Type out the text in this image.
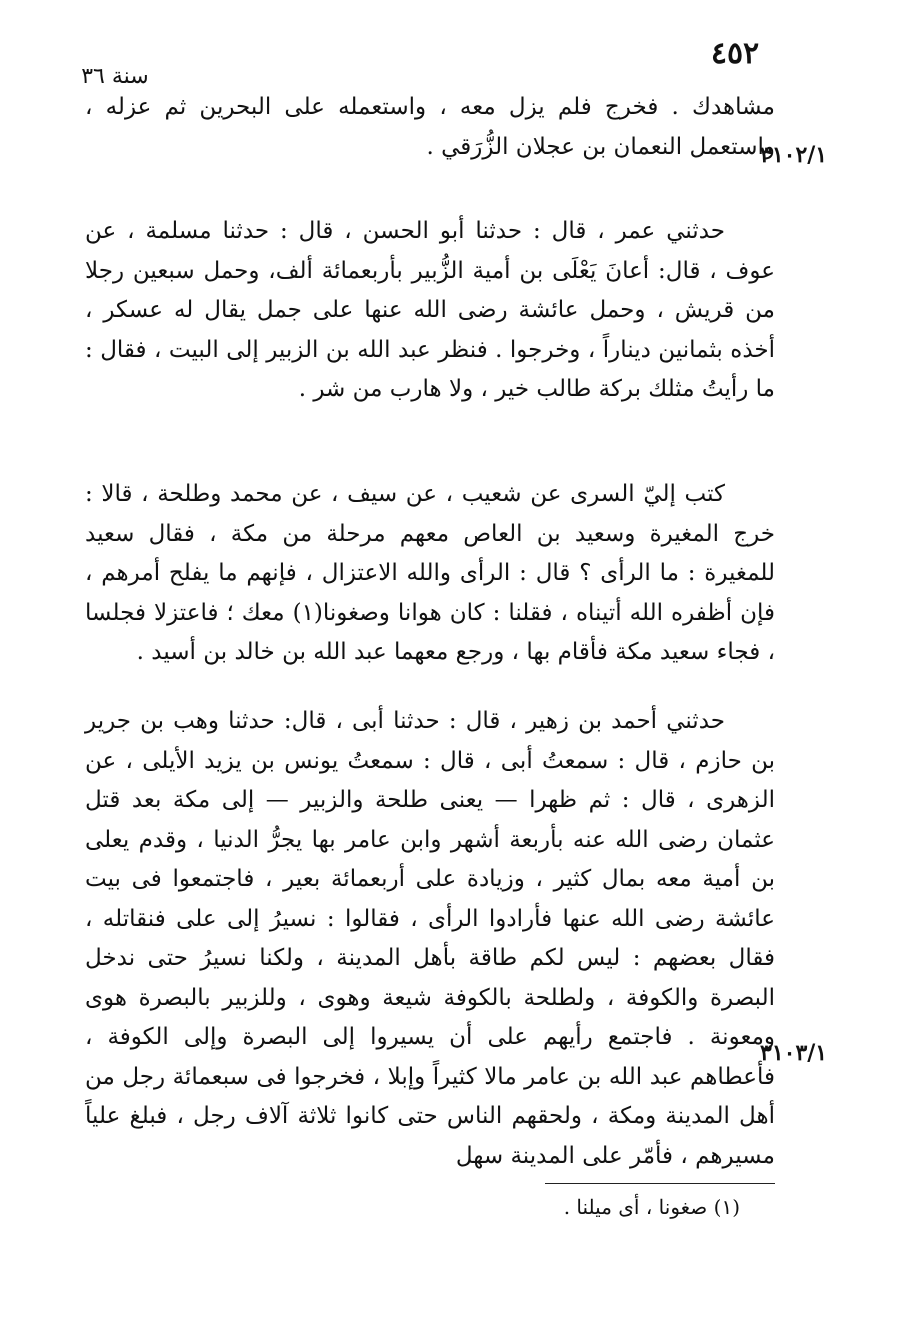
٤٥٢
سنة ٣٦
٣١٠٢/١
٣١٠٣/١

مشاهدك . فخرج فلم يزل معه ، واستعمله على البحرين ثم عزله ، واستعمل النعمان بن عجلان الزُّرَقي .

حدثني عمر ، قال : حدثنا أبو الحسن ، قال : حدثنا مسلمة ، عن عوف ، قال: أعانَ يَعْلَى بن أمية الزُّبير بأربعمائة ألف، وحمل سبعين رجلا من قريش ، وحمل عائشة رضى الله عنها على جمل يقال له عسكر ، أخذه بثمانين ديناراً ، وخرجوا . فنظر عبد الله بن الزبير إلى البيت ، فقال : ما رأيتُ مثلك بركة طالب خير ، ولا هارب من شر .

كتب إليّ السرى عن شعيب ، عن سيف ، عن محمد وطلحة ، قالا : خرج المغيرة وسعيد بن العاص معهم مرحلة من مكة ، فقال سعيد للمغيرة : ما الرأى ؟ قال : الرأى والله الاعتزال ، فإنهم ما يفلح أمرهم ، فإن أظفره الله أتيناه ، فقلنا : كان هوانا وصغونا(١) معك ؛ فاعتزلا فجلسا ، فجاء سعيد مكة فأقام بها ، ورجع معهما عبد الله بن خالد بن أسيد .

حدثني أحمد بن زهير ، قال : حدثنا أبى ، قال: حدثنا وهب بن جرير بن حازم ، قال : سمعتُ أبى ، قال : سمعتُ يونس بن يزيد الأيلى ، عن الزهرى ، قال : ثم ظهرا — يعنى طلحة والزبير — إلى مكة بعد قتل عثمان رضى الله عنه بأربعة أشهر وابن عامر بها يجرُّ الدنيا ، وقدم يعلى بن أمية معه بمال كثير ، وزيادة على أربعمائة بعير ، فاجتمعوا فى بيت عائشة رضى الله عنها فأرادوا الرأى ، فقالوا : نسيرُ إلى على فنقاتله ، فقال بعضهم : ليس لكم طاقة بأهل المدينة ، ولكنا نسيرُ حتى ندخل البصرة والكوفة ، ولطلحة بالكوفة شيعة وهوى ، وللزبير بالبصرة هوى ومعونة . فاجتمع رأيهم على أن يسيروا إلى البصرة وإلى الكوفة ، فأعطاهم عبد الله بن عامر مالا كثيراً وإبلا ، فخرجوا فى سبعمائة رجل من أهل المدينة ومكة ، ولحقهم الناس حتى كانوا ثلاثة آلاف رجل ، فبلغ علياً مسيرهم ، فأمّر على المدينة سهل

(١) صغونا ، أى ميلنا .
